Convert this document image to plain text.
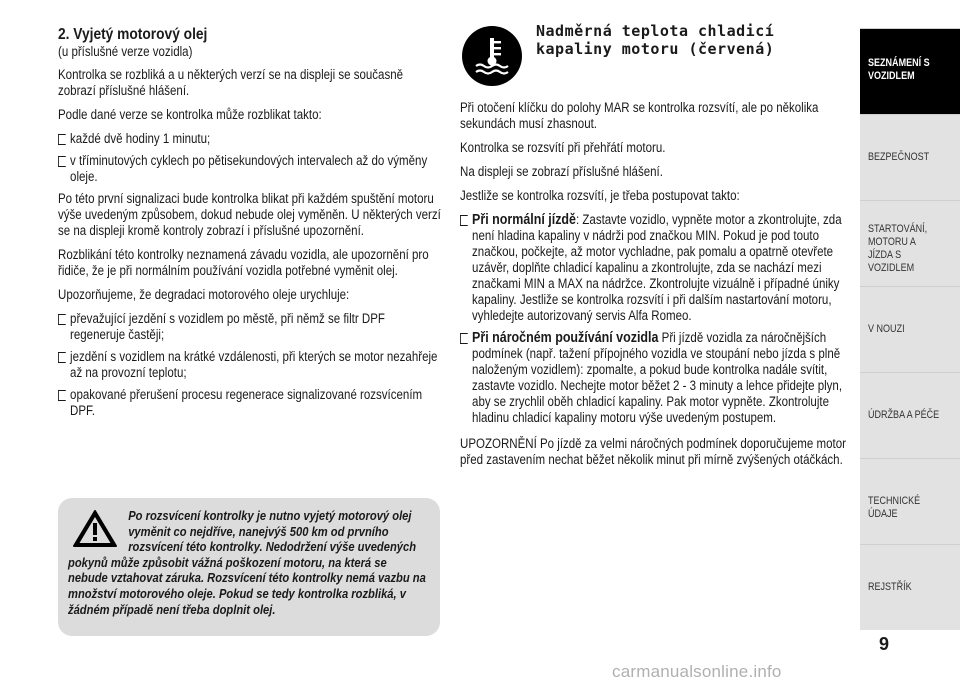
2. Vyjetý motorový olej
(u příslušné verze vozidla)
Kontrolka se rozbliká a u některých verzí se na displeji se současně zobrazí příslušné hlášení.
Podle dané verze se kontrolka může rozblikat takto:
každé dvě hodiny 1 minutu;
v tříminutových cyklech po pětisekundových intervalech až do výměny oleje.
Po této první signalizaci bude kontrolka blikat při každém spuštění motoru výše uvedeným způsobem, dokud nebude olej vyměněn. U některých verzí se na displeji kromě kontroly zobrazí i příslušné upozornění.
Rozblikání této kontrolky neznamená závadu vozidla, ale upozornění pro řidiče, že je při normálním používání vozidla potřebné vyměnit olej.
Upozorňujeme, že degradaci motorového oleje urychluje:
převažující jezdění s vozidlem po městě, při němž se filtr DPF regeneruje častěji;
jezdění s vozidlem na krátké vzdálenosti, při kterých se motor nezahřeje až na provozní teplotu;
opakované přerušení procesu regenerace signalizované rozsvícením DPF.
Po rozsvícení kontrolky je nutno vyjetý motorový olej
vyměnit co nejdříve, nanejvýš 500 km od prvního
rozsvícení této kontrolky. Nedodržení výše uvedených
pokynů může způsobit vážná poškození motoru, na která se nebude vztahovat záruka. Rozsvícení této kontrolky nemá vazbu na množství motorového oleje. Pokud se tedy kontrolka rozbliká, v žádném případě není třeba doplnit olej.
Nadměrná teplota chladicí
kapaliny motoru (červená)
Při otočení klíčku do polohy MAR se kontrolka rozsvítí, ale po několika sekundách musí zhasnout.
Kontrolka se rozsvítí při přehřátí motoru.
Na displeji se zobrazí příslušné hlášení.
Jestliže se kontrolka rozsvítí, je třeba postupovat takto:
Při normální jízdě: Zastavte vozidlo, vypněte motor a zkontrolujte, zda není hladina kapaliny v nádrži pod značkou MIN. Pokud je pod touto značkou, počkejte, až motor vychladne, pak pomalu a opatrně otevřete uzávěr, doplňte chladicí kapalinu a zkontrolujte, zda se nachází mezi značkami MIN a MAX na nádržce. Zkontrolujte vizuálně i případné úniky kapaliny. Jestliže se kontrolka rozsvítí i při dalším nastartování motoru, vyhledejte autorizovaný servis Alfa Romeo.
Při náročném používání vozidla Při jízdě vozidla za náročnějších podmínek (např. tažení přípojného vozidla ve stoupání nebo jízda s plně naloženým vozidlem): zpomalte, a pokud bude kontrolka nadále svítit, zastavte vozidlo. Nechejte motor běžet 2 - 3 minuty a lehce přidejte plyn, aby se zrychlil oběh chladicí kapaliny. Pak motor vypněte. Zkontrolujte hladinu chladicí kapaliny motoru výše uvedeným postupem.
UPOZORNĚNÍ Po jízdě za velmi náročných podmínek doporučujeme motor před zastavením nechat běžet několik minut při mírně zvýšených otáčkách.
SEZNÁMENÍ S VOZIDLEM
BEZPEČNOST
STARTOVÁNÍ, MOTORU A JÍZDA S VOZIDLEM
V NOUZI
ÚDRŽBA A PÉČE
TECHNICKÉ ÚDAJE
REJSTŘÍK
9
carmanualsonline.info
